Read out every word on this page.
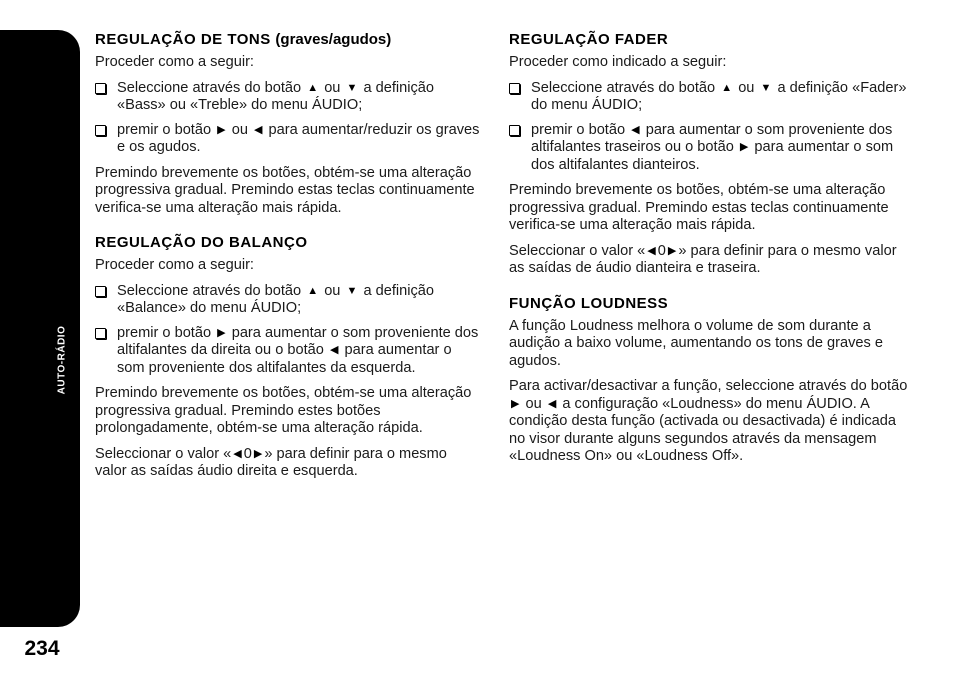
AUTO-RÁDIO
234
REGULAÇÃO DE TONS (graves/agudos)

Proceder como a seguir:

Seleccione através do botão ▲ ou ▼ a definição «Bass» ou «Treble» do menu ÁUDIO;
premir o botão ▶ ou ◀ para aumentar/reduzir os graves e os agudos.

Premindo brevemente os botões, obtém-se uma alteração progressiva gradual. Premindo estas teclas continuamente verifica-se uma alteração mais rápida.

REGULAÇÃO DO BALANÇO

Proceder como a seguir:

Seleccione através do botão ▲ ou ▼ a definição «Balance» do menu ÁUDIO;
premir o botão ▶ para aumentar o som proveniente dos altifalantes da direita ou o botão ◀ para aumentar o som proveniente dos altifalantes da esquerda.

Premindo brevemente os botões, obtém-se uma alteração progressiva gradual. Premindo estes botões prolongadamente, obtém-se uma alteração rápida.

Seleccionar o valor « ◀ 0 ▶ » para definir para o mesmo valor as saídas áudio direita e esquerda.

REGULAÇÃO FADER

Proceder como indicado a seguir:

Seleccione através do botão ▲ ou ▼ a definição «Fader» do menu ÁUDIO;
premir o botão ◀ para aumentar o som proveniente dos altifalantes traseiros ou o botão ▶ para aumentar o som dos altifalantes dianteiros.

Premindo brevemente os botões, obtém-se uma alteração progressiva gradual. Premindo estas teclas continuamente verifica-se uma alteração mais rápida.

Seleccionar o valor « ◀ 0 ▶ » para definir para o mesmo valor as saídas de áudio dianteira e traseira.

FUNÇÃO LOUDNESS

A função Loudness melhora o volume de som durante a audição a baixo volume, aumentando os tons de graves e agudos.

Para activar/desactivar a função, seleccione através do botão ▶ ou ◀ a configuração «Loudness» do menu ÁUDIO. A condição desta função (activada ou desactivada) é indicada no visor durante alguns segundos através da mensagem «Loudness On» ou «Loudness Off».
